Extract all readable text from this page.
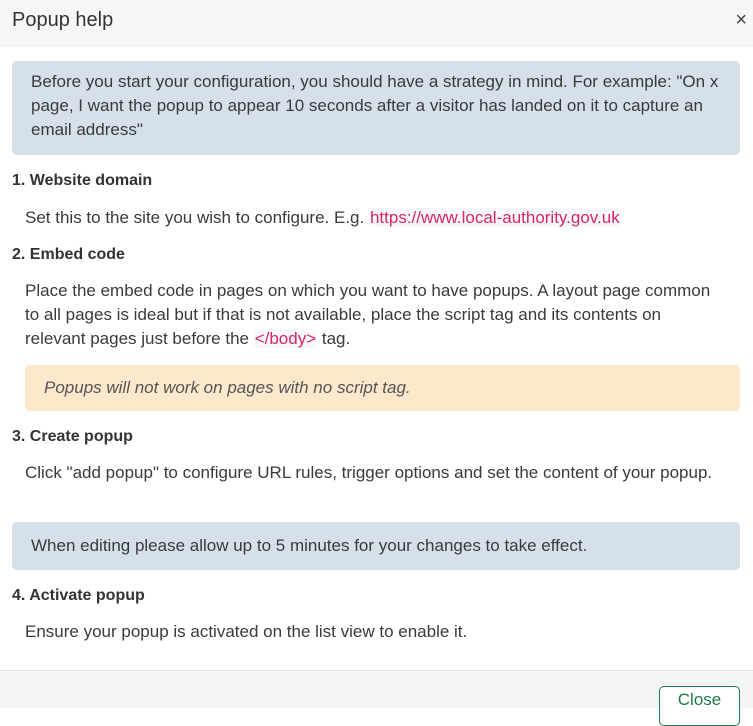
Popup help	×
Before you start your configuration, you should have a strategy in mind. For example: "On x page, I want the popup to appear 10 seconds after a visitor has landed on it to capture an email address"
1. Website domain
Set this to the site you wish to configure. E.g. https://www.local-authority.gov.uk
2. Embed code
Place the embed code in pages on which you want to have popups. A layout page common to all pages is ideal but if that is not available, place the script tag and its contents on relevant pages just before the </body> tag.
Popups will not work on pages with no script tag.
3. Create popup
Click "add popup" to configure URL rules, trigger options and set the content of your popup.
When editing please allow up to 5 minutes for your changes to take effect.
4. Activate popup
Ensure your popup is activated on the list view to enable it.
Close
